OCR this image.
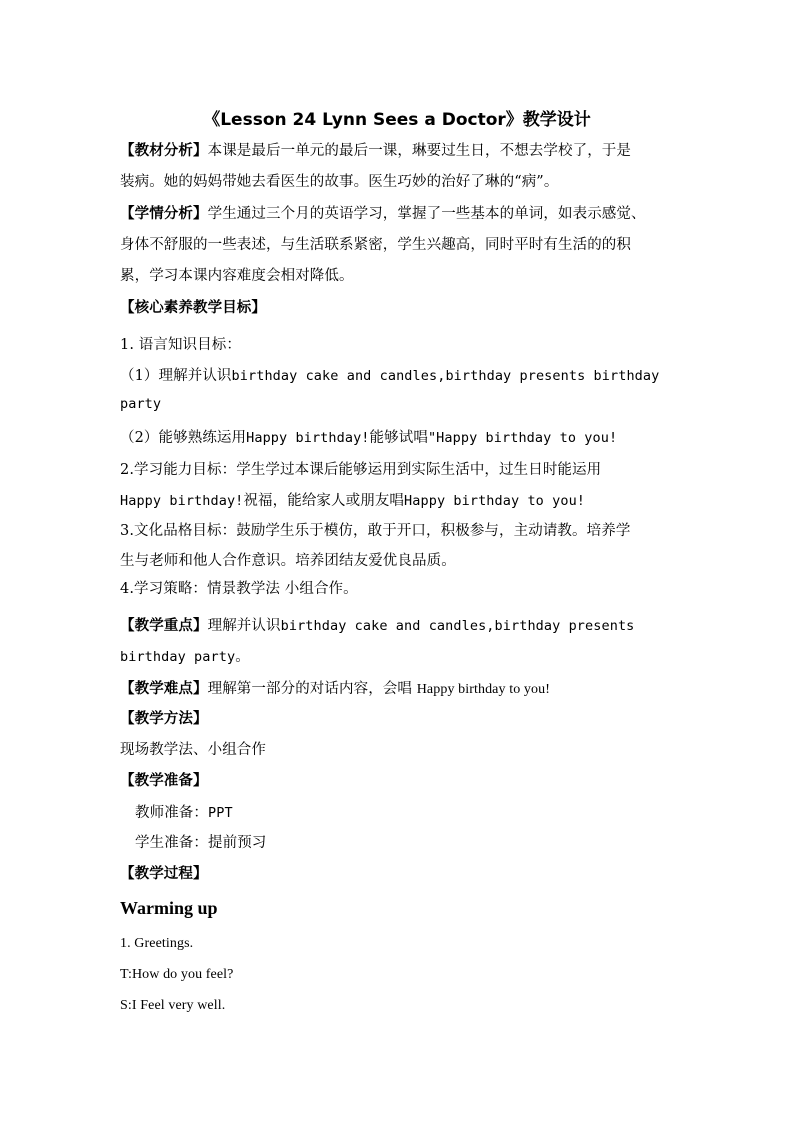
《Lesson 24 Lynn Sees a Doctor》教学设计
【教材分析】本课是最后一单元的最后一课，琳要过生日，不想去学校了，于是
装病。她的妈妈带她去看医生的故事。医生巧妙的治好了琳的“病”。
【学情分析】学生通过三个月的英语学习，掌握了一些基本的单词，如表示感觉、
身体不舒服的一些表述，与生活联系紧密，学生兴趣高，同时平时有生活的的积
累，学习本课内容难度会相对降低。
【核心素养教学目标】
1. 语言知识目标：
（1）理解并认识birthday cake and candles,birthday presents birthday
party
（2）能够熟练运用Happy birthday!能够试唱"Happy birthday to you!
2.学习能力目标：学生学过本课后能够运用到实际生活中，过生日时能运用
Happy birthday!祝福，能给家人或朋友唱Happy birthday to you!
3.文化品格目标：鼓励学生乐于模仿，敢于开口，积极参与，主动请教。培养学
生与老师和他人合作意识。培养团结友爱优良品质。
4.学习策略：情景教学法 小组合作。
【教学重点】理解并认识birthday cake and candles,birthday presents
birthday party。
【教学难点】理解第一部分的对话内容，会唱 Happy birthday to you!
【教学方法】
现场教学法、小组合作
【教学准备】
教师准备：PPT
学生准备：提前预习
【教学过程】
Warming up
1. Greetings.
T:How do you feel?
S:I Feel very well.
